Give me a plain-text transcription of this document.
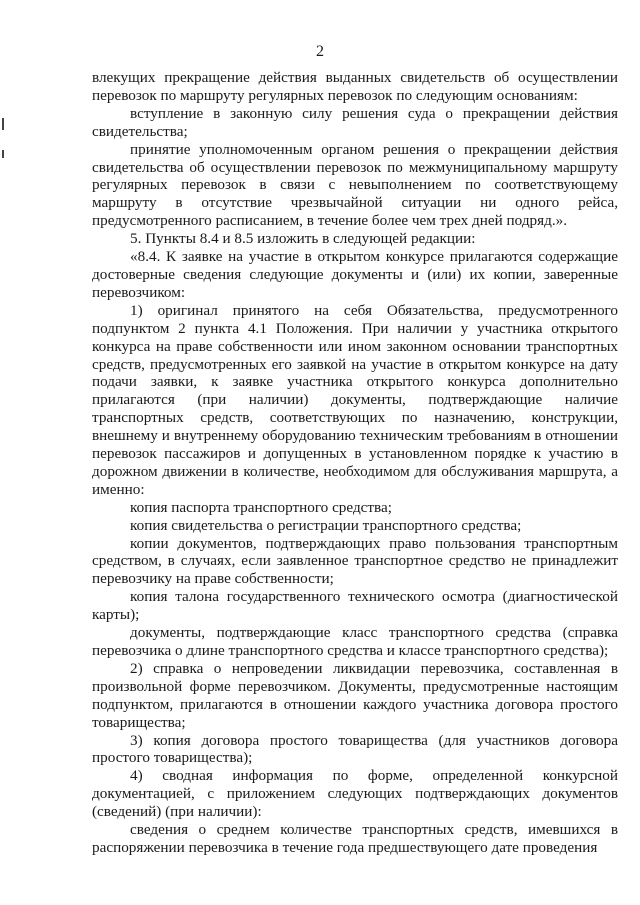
2

влекущих прекращение действия выданных свидетельств об осуществлении перевозок по маршруту регулярных перевозок по следующим основаниям:

вступление в законную силу решения суда о прекращении действия свидетельства;

принятие уполномоченным органом решения о прекращении действия свидетельства об осуществлении перевозок по межмуниципальному маршруту регулярных перевозок в связи с невыполнением по соответствующему маршруту в отсутствие чрезвычайной ситуации ни одного рейса, предусмотренного расписанием, в течение более чем трех дней подряд.».

5. Пункты 8.4 и 8.5 изложить в следующей редакции:

«8.4. К заявке на участие в открытом конкурсе прилагаются содержащие достоверные сведения следующие документы и (или) их копии, заверенные перевозчиком:

1) оригинал принятого на себя Обязательства, предусмотренного подпунктом 2 пункта 4.1 Положения. При наличии у участника открытого конкурса на праве собственности или ином законном основании транспортных средств, предусмотренных его заявкой на участие в открытом конкурсе на дату подачи заявки, к заявке участника открытого конкурса дополнительно прилагаются (при наличии) документы, подтверждающие наличие транспортных средств, соответствующих по назначению, конструкции, внешнему и внутреннему оборудованию техническим требованиям в отношении перевозок пассажиров и допущенных в установленном порядке к участию в дорожном движении в количестве, необходимом для обслуживания маршрута, а именно:

копия паспорта транспортного средства;

копия свидетельства о регистрации транспортного средства;

копии документов, подтверждающих право пользования транспортным средством, в случаях, если заявленное транспортное средство не принадлежит перевозчику на праве собственности;

копия талона государственного технического осмотра (диагностической карты);

документы, подтверждающие класс транспортного средства (справка перевозчика о длине транспортного средства и классе транспортного средства);

2) справка о непроведении ликвидации перевозчика, составленная в произвольной форме перевозчиком. Документы, предусмотренные настоящим подпунктом, прилагаются в отношении каждого участника договора простого товарищества;

3) копия договора простого товарищества (для участников договора простого товарищества);

4) сводная информация по форме, определенной конкурсной документацией, с приложением следующих подтверждающих документов (сведений) (при наличии):

сведения о среднем количестве транспортных средств, имевшихся в распоряжении перевозчика в течение года предшествующего дате проведения
